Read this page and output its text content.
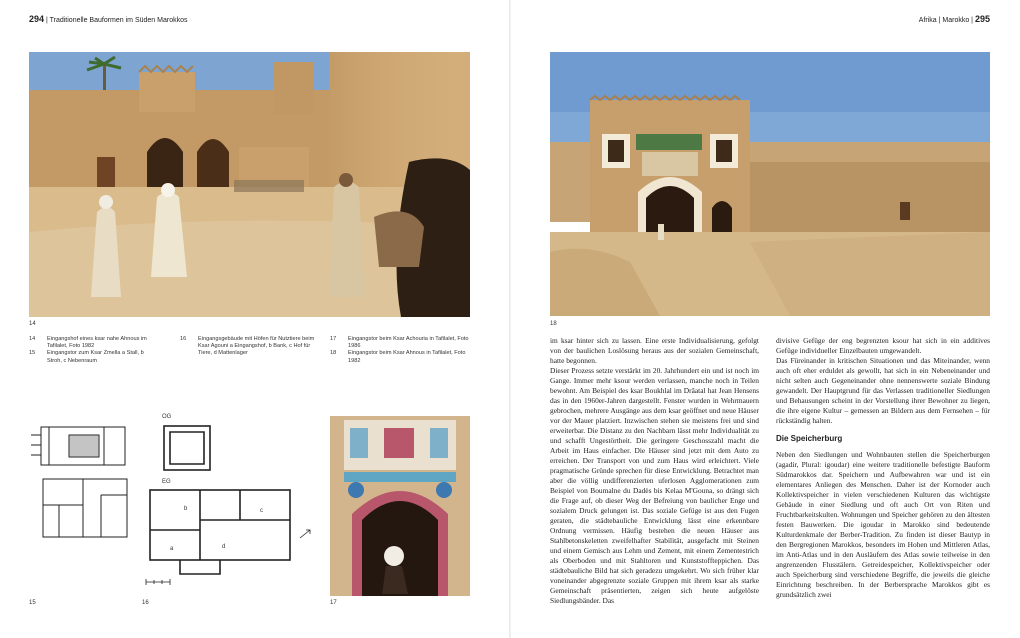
294 | Traditionelle Bauformen im Süden Marokkos
14
14	Eingangshof eines ksar nahe Ahnous im Tafilalet, Foto 1982
15	Eingangstor zum Ksar Zmella a Stall, b Stroh, c Nebenraum
16	Eingangsgebäude mit Höfen für Nutztiere beim Ksar Agouni a Eingangshof, b Bank, c Hof für Tiere, d Mattenlager
17	Eingangstor beim Ksar Achouria in Tafilalet, Foto 1986
18	Eingangstor beim Ksar Ahnous in Tafilalet, Foto 1982
15
OG
EG
b	c
a	d
16	17
Afrika | Marokko | 295
18

im ksar hinter sich zu lassen. Eine erste Individualisierung, gefolgt von der baulichen Loslösung heraus aus der sozialen Gemeinschaft, hatte begonnen.

Dieser Prozess setzte verstärkt im 20. Jahrhundert ein und ist noch im Gange. Immer mehr ksour werden verlassen, manche noch in Teilen bewohnt. Am Beispiel des ksar Boukhlal im Drâatal hat Jean Hensens das in den 1960er-Jahren dargestellt. Fenster wurden in Wehrmauern gebrochen, mehrere Ausgänge aus dem ksar geöffnet und neue Häuser vor der Mauer platziert. Inzwischen stehen sie meistens frei und sind erweiterbar. Die Distanz zu den Nachbarn lässt mehr Individualität zu und schafft Ungestörtheit. Die geringere Geschosszahl macht die Arbeit im Haus einfacher. Die Häuser sind jetzt mit dem Auto zu erreichen. Der Transport von und zum Haus wird erleichtert. Viele pragmatische Gründe sprechen für diese Entwicklung. Betrachtet man aber die völlig undifferenzierten uferlosen Agglomerationen zum Beispiel von Boumalne du Dadès bis Kelaa M'Gouna, so drängt sich die Frage auf, ob dieser Weg der Befreiung von baulicher Enge und sozialem Druck gelungen ist. Das soziale Gefüge ist aus den Fugen geraten, die städtebauliche Entwicklung lässt eine erkennbare Ordnung vermissen. Häufig bestehen die neuen Häuser aus Stahlbetonskeletten zweifelhafter Stabilität, ausgefacht mit Steinen und einem Gemisch aus Lehm und Zement, mit einem Zementestrich als Oberboden und mit Stahltoren und Kunststoffteppichen. Das städtebauliche Bild hat sich geradezu umgekehrt. Wo sich früher klar voneinander abgegrenzte soziale Gruppen mit ihrem ksar als starke Gemeinschaft präsentierten, zeigen sich heute aufgelöste Siedlungsbänder. Das

divisive Gefüge der eng begrenzten ksour hat sich in ein additives Gefüge individueller Einzelbauten umgewandelt.

Das Füreinander in kritischen Situationen und das Miteinander, wenn auch oft eher erduldet als gewollt, hat sich in ein Nebeneinander und nicht selten auch Gegeneinander ohne nennenswerte soziale Bindung gewandelt. Der Hauptgrund für das Verlassen traditioneller Siedlungen und Behausungen scheint in der Vorstellung ihrer Bewohner zu liegen, die ihre eigene Kultur – gemessen an Bildern aus dem Fernsehen – für rückständig halten.

Die Speicherburg

Neben den Siedlungen und Wohnbauten stellen die Speicherburgen (agadir, Plural: igoudar) eine weitere traditionelle befestigte Bauform Südmarokkos dar. Speichern und Aufbewahren war und ist ein elementares Anliegen des Menschen. Daher ist der Kornoder auch Kollektivspeicher in vielen verschiedenen Kulturen das wichtigste Gebäude in einer Siedlung und oft auch Ort von Riten und Fruchtbarkeitskulten. Wohnungen und Speicher gehören zu den ältesten festen Bauwerken. Die igoudar in Marokko sind bedeutende Kulturdenkmale der Berber-Tradition. Zu finden ist dieser Bautyp in den Bergregionen Marokkos, besonders im Hohen und Mittleren Atlas, im Anti-Atlas und in den Ausläufern des Atlas sowie teilweise in den angrenzenden Flusstälern. Getreidespeicher, Kollektivspeicher oder auch Speicherburg sind verschiedene Begriffe, die jeweils die gleiche Einrichtung beschreiben. In der Berbersprache Marokkos gibt es grundsätzlich zwei
